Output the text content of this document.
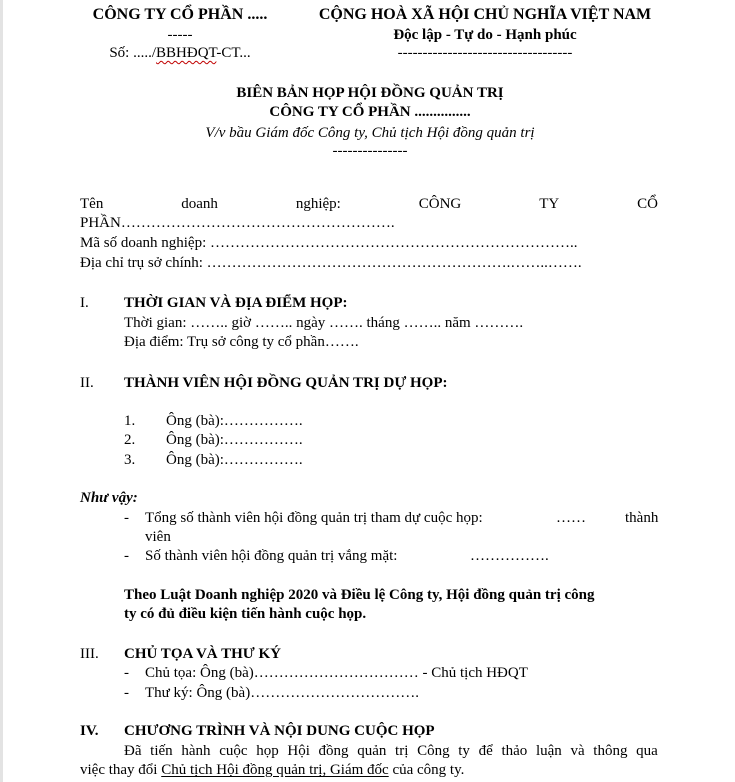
CÔNG TY CỔ PHẦN .....
-----
Số: ...../BBHĐQT-CT...
CỘNG HOÀ XÃ HỘI CHỦ NGHĨA VIỆT NAM
Độc lập - Tự do - Hạnh phúc
-----------------------------------
BIÊN BẢN HỌP HỘI ĐỒNG QUẢN TRỊ
CÔNG TY CỔ PHẦN ...............
V/v bầu Giám đốc Công ty, Chủ tịch Hội đồng quản trị
---------------
Tên	doanh	nghiệp:	CÔNG	TY	CỔ
PHẦN……………………………………………….
Mã số doanh nghiệp: ………………………………………………………………..
Địa chỉ trụ sở chính: …………………………………………………….……..…….
I. THỜI GIAN VÀ ĐỊA ĐIỂM HỌP:
Thời gian: …….. giờ …….. ngày ……. tháng …….. năm ……….
Địa điểm: Trụ sở công ty cổ phần…….
II. THÀNH VIÊN HỘI ĐỒNG QUẢN TRỊ DỰ HỌP:
1. Ông (bà):…………….
2. Ông (bà):…………….
3. Ông (bà):…………….
Như vậy:
- Tổng số thành viên hội đồng quản trị tham dự cuộc họp:	……	thành
viên
- Số thành viên hội đồng quản trị vắng mặt:	…………….
Theo Luật Doanh nghiệp 2020 và Điều lệ Công ty, Hội đồng quản trị công
ty có đủ điều kiện tiến hành cuộc họp.
III. CHỦ TỌA VÀ THƯ KÝ
- Chủ tọa: Ông (bà)…………………………… - Chủ tịch HĐQT
- Thư ký: Ông (bà)…………………………….
IV. CHƯƠNG TRÌNH VÀ NỘI DUNG CUỘC HỌP
Đã tiến hành cuộc họp Hội đồng quản trị Công ty để thảo luận và thông qua
việc thay đổi Chủ tịch Hội đồng quản trị, Giám đốc của công ty.
